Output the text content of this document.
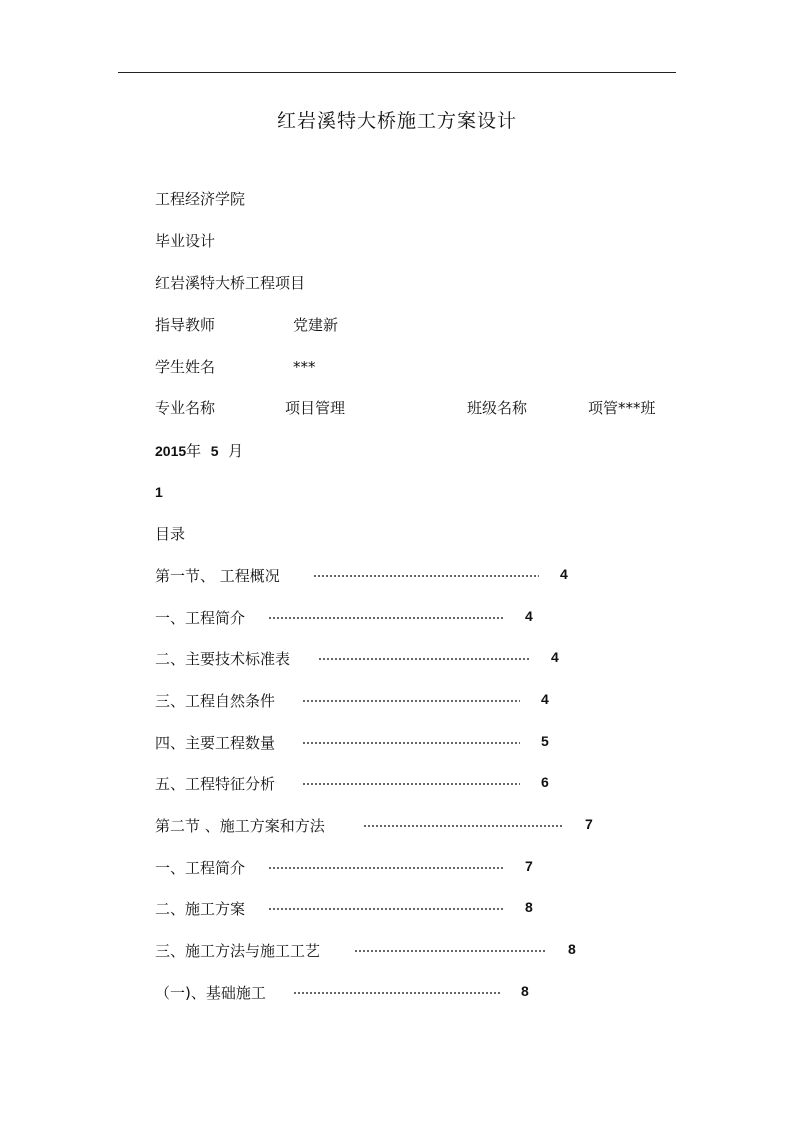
红岩溪特大桥施工方案设计
工程经济学院
毕业设计
红岩溪特大桥工程项目
指导教师	党建新
学生姓名	***
专业名称	项目管理	班级名称	项管***班
2015年 5 月
1
目录
第一节、 工程概况	4
一、工程简介	4
二、主要技术标准表	4
三、工程自然条件	4
四、主要工程数量	5
五、工程特征分析	6
第二节 、施工方案和方法	7
一、工程简介	7
二、施工方案	8
三、施工方法与施工工艺	8
（一)、基础施工	8
